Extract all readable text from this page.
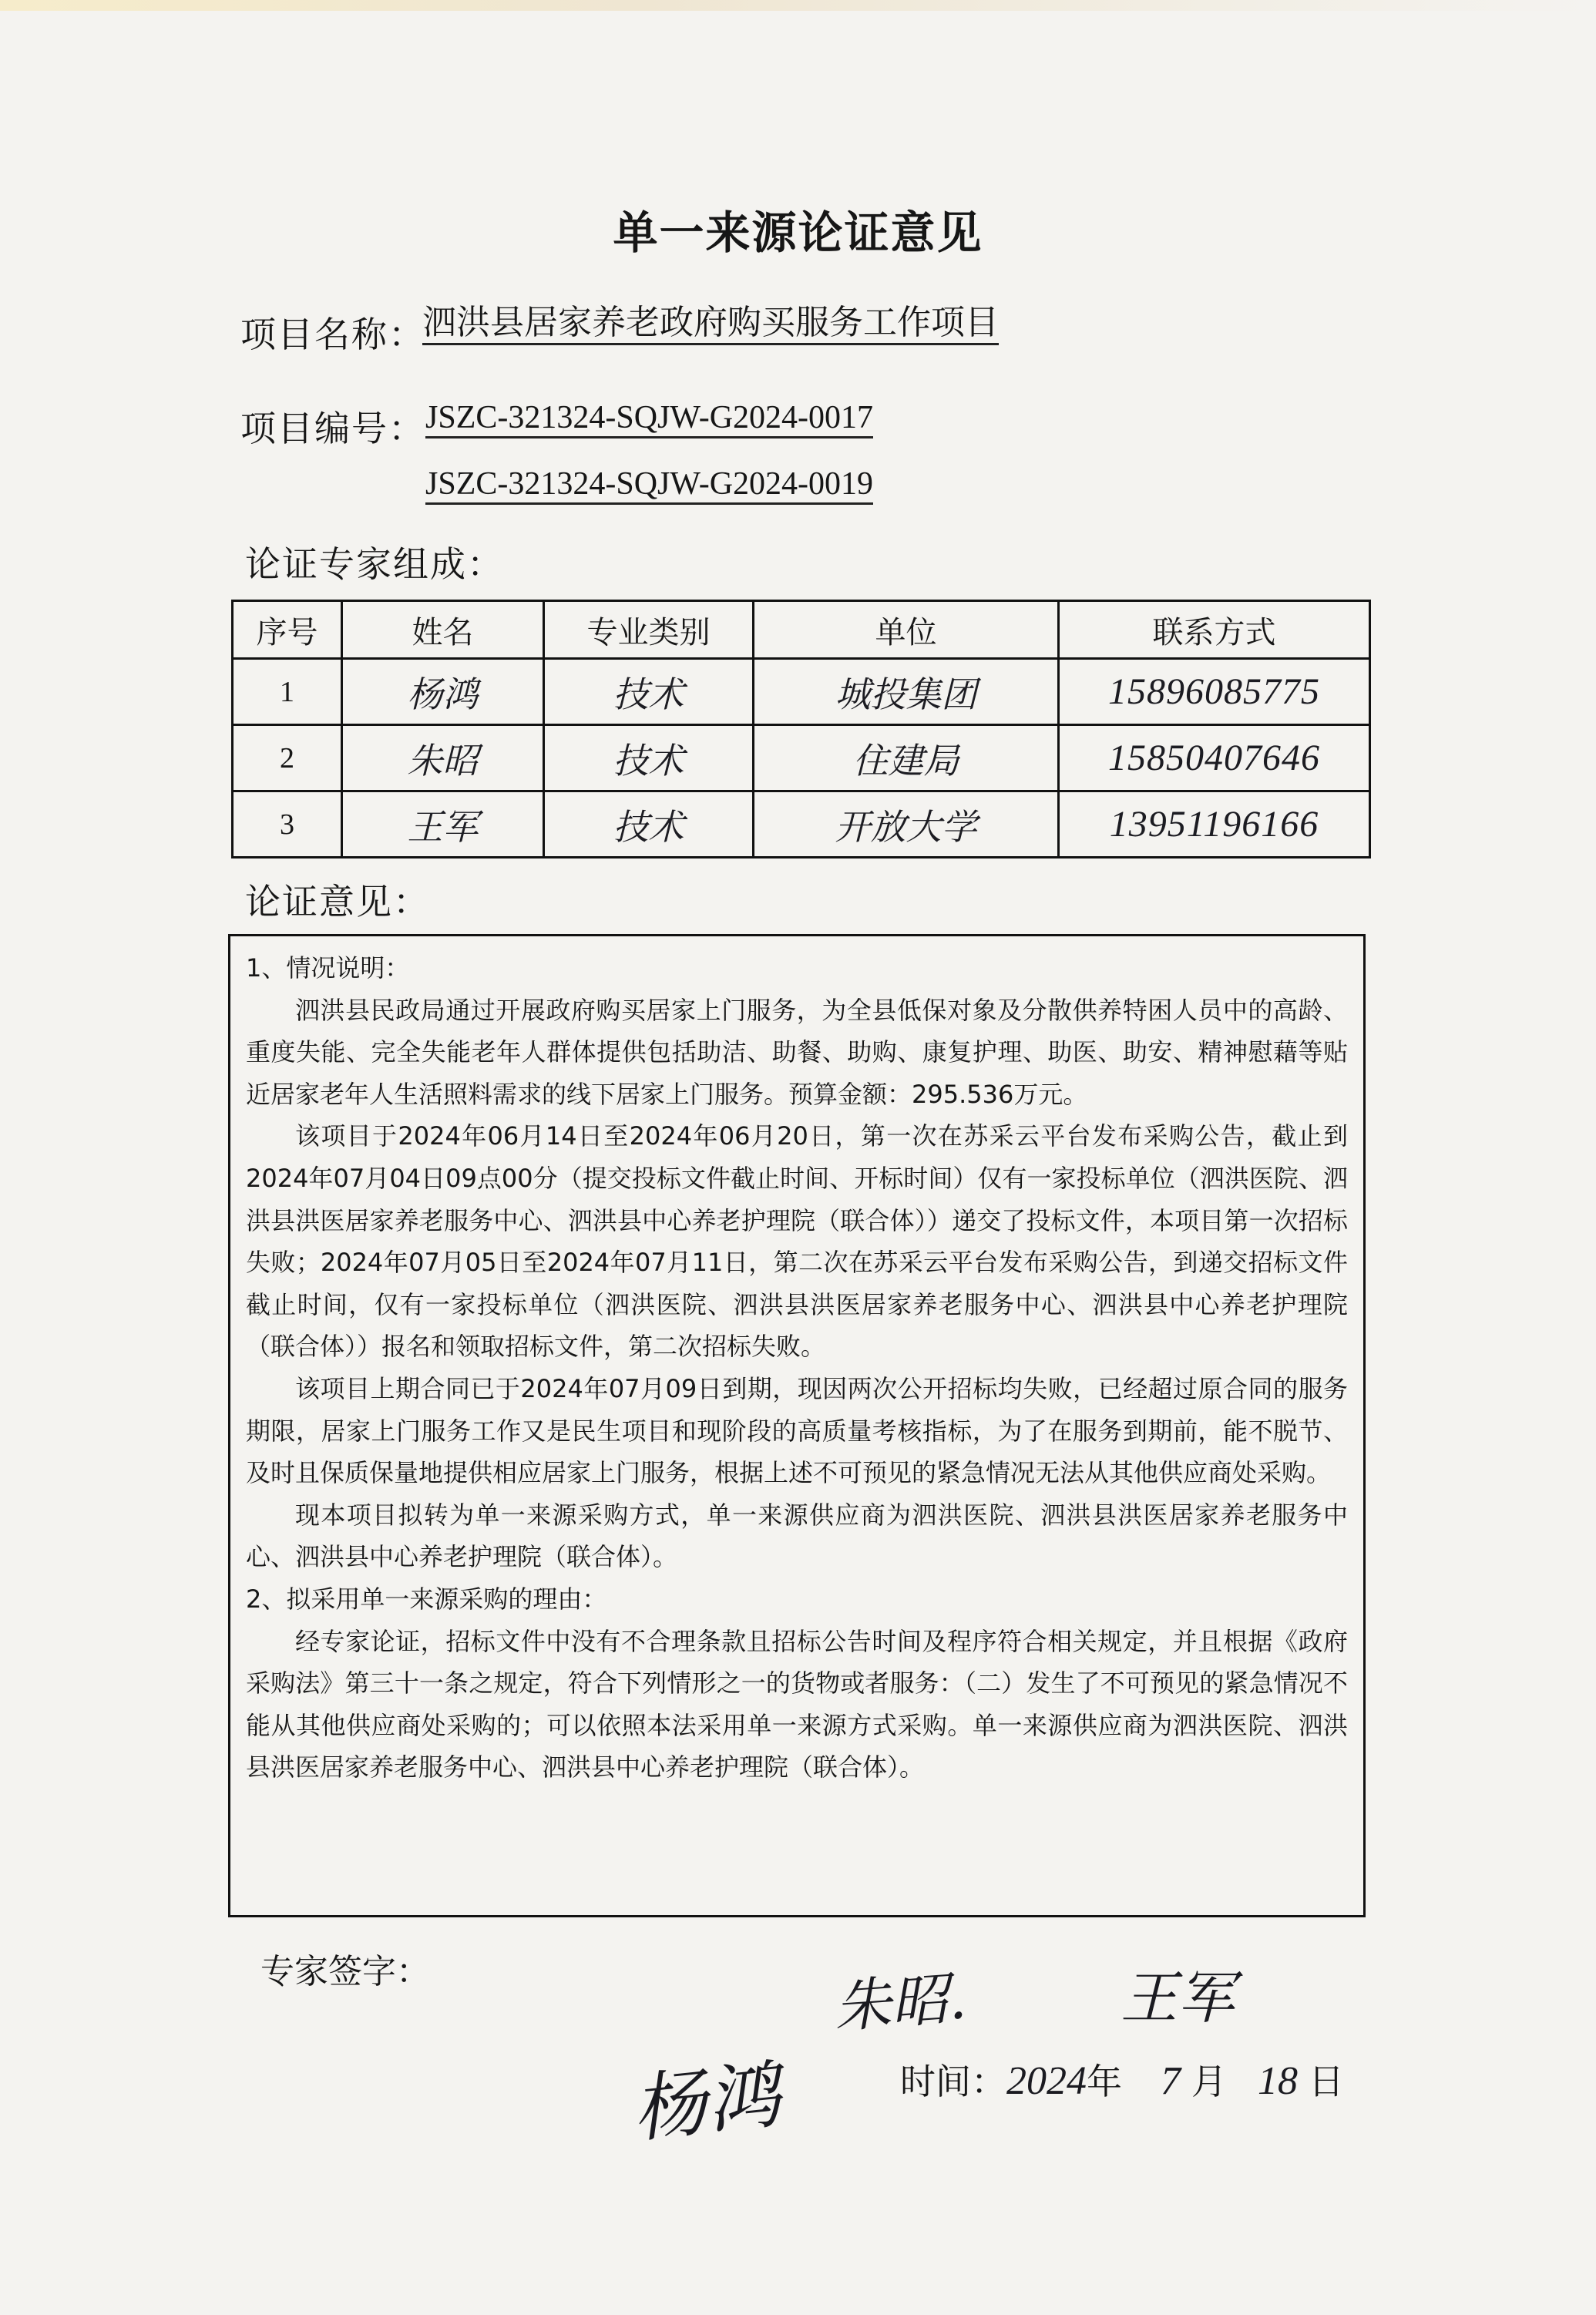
单一来源论证意见
项目名称：
泗洪县居家养老政府购买服务工作项目
项目编号： JSZC-321324-SQJW-G2024-0017
JSZC-321324-SQJW-G2024-0019
论证专家组成：
序号	姓名	专业类别	单位	联系方式
1	杨鸿	技术	城投集团	15896085775
2	朱昭	技术	住建局	15850407646
3	王军	技术	开放大学	13951196166
论证意见：

1、情况说明：

泗洪县民政局通过开展政府购买居家上门服务，为全县低保对象及分散供养特困人员中的高龄、重度失能、完全失能老年人群体提供包括助洁、助餐、助购、康复护理、助医、助安、精神慰藉等贴近居家老年人生活照料需求的线下居家上门服务。预算金额：295.536万元。

该项目于2024年06月14日至2024年06月20日，第一次在苏采云平台发布采购公告，截止到2024年07月04日09点00分（提交投标文件截止时间、开标时间）仅有一家投标单位（泗洪医院、泗洪县洪医居家养老服务中心、泗洪县中心养老护理院（联合体））递交了投标文件，本项目第一次招标失败；2024年07月05日至2024年07月11日，第二次在苏采云平台发布采购公告，到递交招标文件截止时间，仅有一家投标单位（泗洪医院、泗洪县洪医居家养老服务中心、泗洪县中心养老护理院（联合体））报名和领取招标文件，第二次招标失败。

该项目上期合同已于2024年07月09日到期，现因两次公开招标均失败，已经超过原合同的服务期限，居家上门服务工作又是民生项目和现阶段的高质量考核指标，为了在服务到期前，能不脱节、及时且保质保量地提供相应居家上门服务，根据上述不可预见的紧急情况无法从其他供应商处采购。

现本项目拟转为单一来源采购方式，单一来源供应商为泗洪医院、泗洪县洪医居家养老服务中心、泗洪县中心养老护理院（联合体）。

2、拟采用单一来源采购的理由：

经专家论证，招标文件中没有不合理条款且招标公告时间及程序符合相关规定，并且根据《政府采购法》第三十一条之规定，符合下列情形之一的货物或者服务：（二）发生了不可预见的紧急情况不能从其他供应商处采购的；可以依照本法采用单一来源方式采购。单一来源供应商为泗洪医院、泗洪县洪医居家养老服务中心、泗洪县中心养老护理院（联合体）。

专家签字：	朱昭.	王军
杨鸿	时间：2024年 7 月 18 日
